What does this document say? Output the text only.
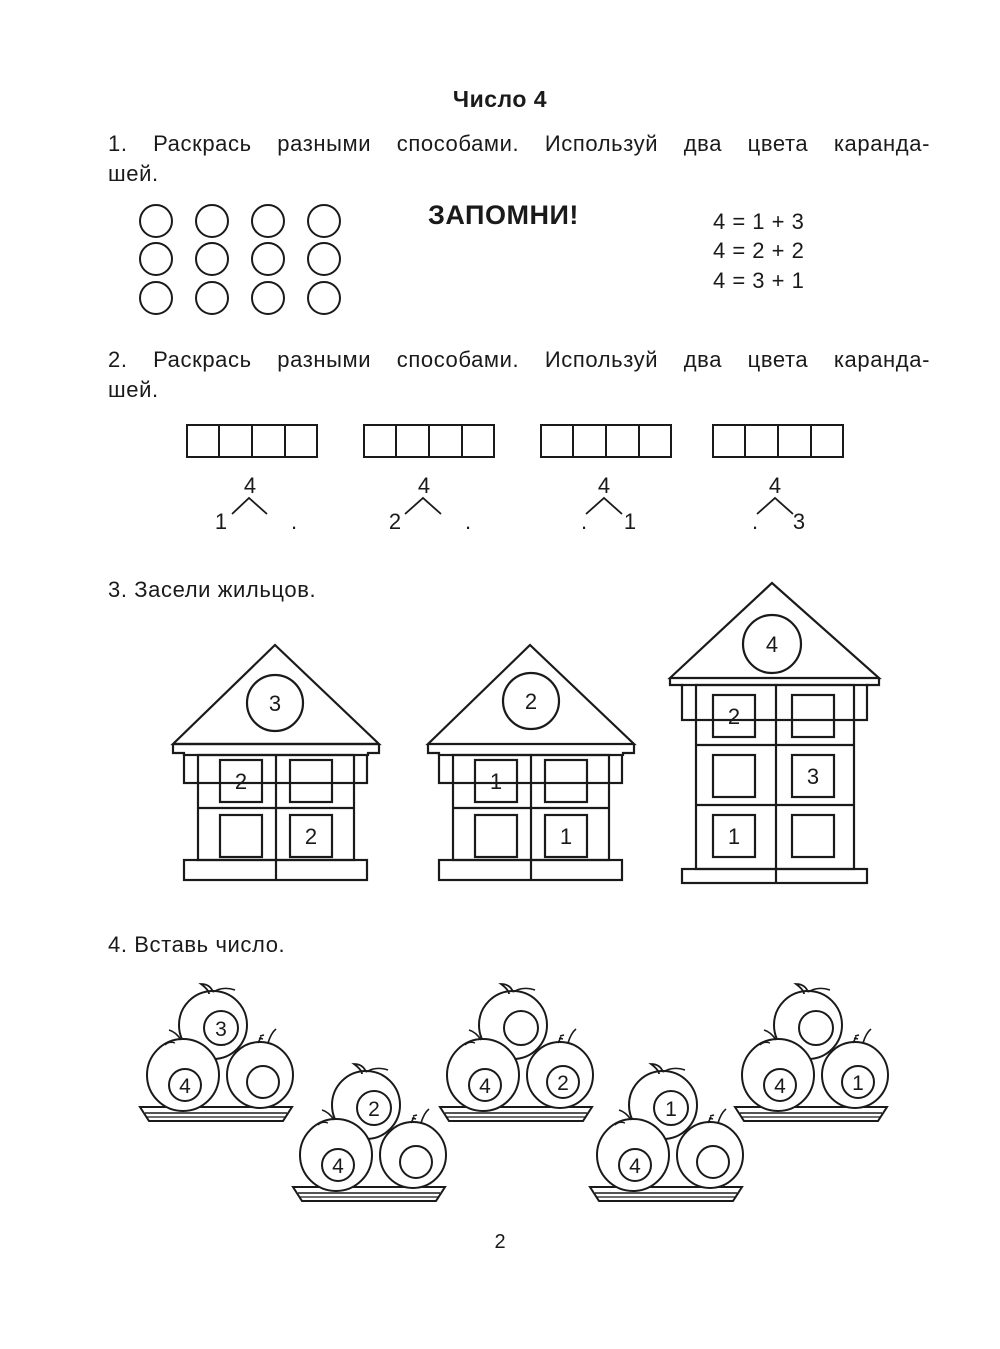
Число 4
1. Раскрась разными способами. Используй два цвета каранда-
шей.
ЗАПОМНИ!	4 = 1 + 3
4 = 2 + 2
4 = 3 + 1
2. Раскрась разными способами. Используй два цвета каранда-
шей.
4
1	.
4
2	.
4
. 1
4
. 3
3. Засели жильцов.
3
2
2
2
1
1
4
2
3
1
4. Вставь число.
3
4
2
4
4	2
1
4
4	1
2
